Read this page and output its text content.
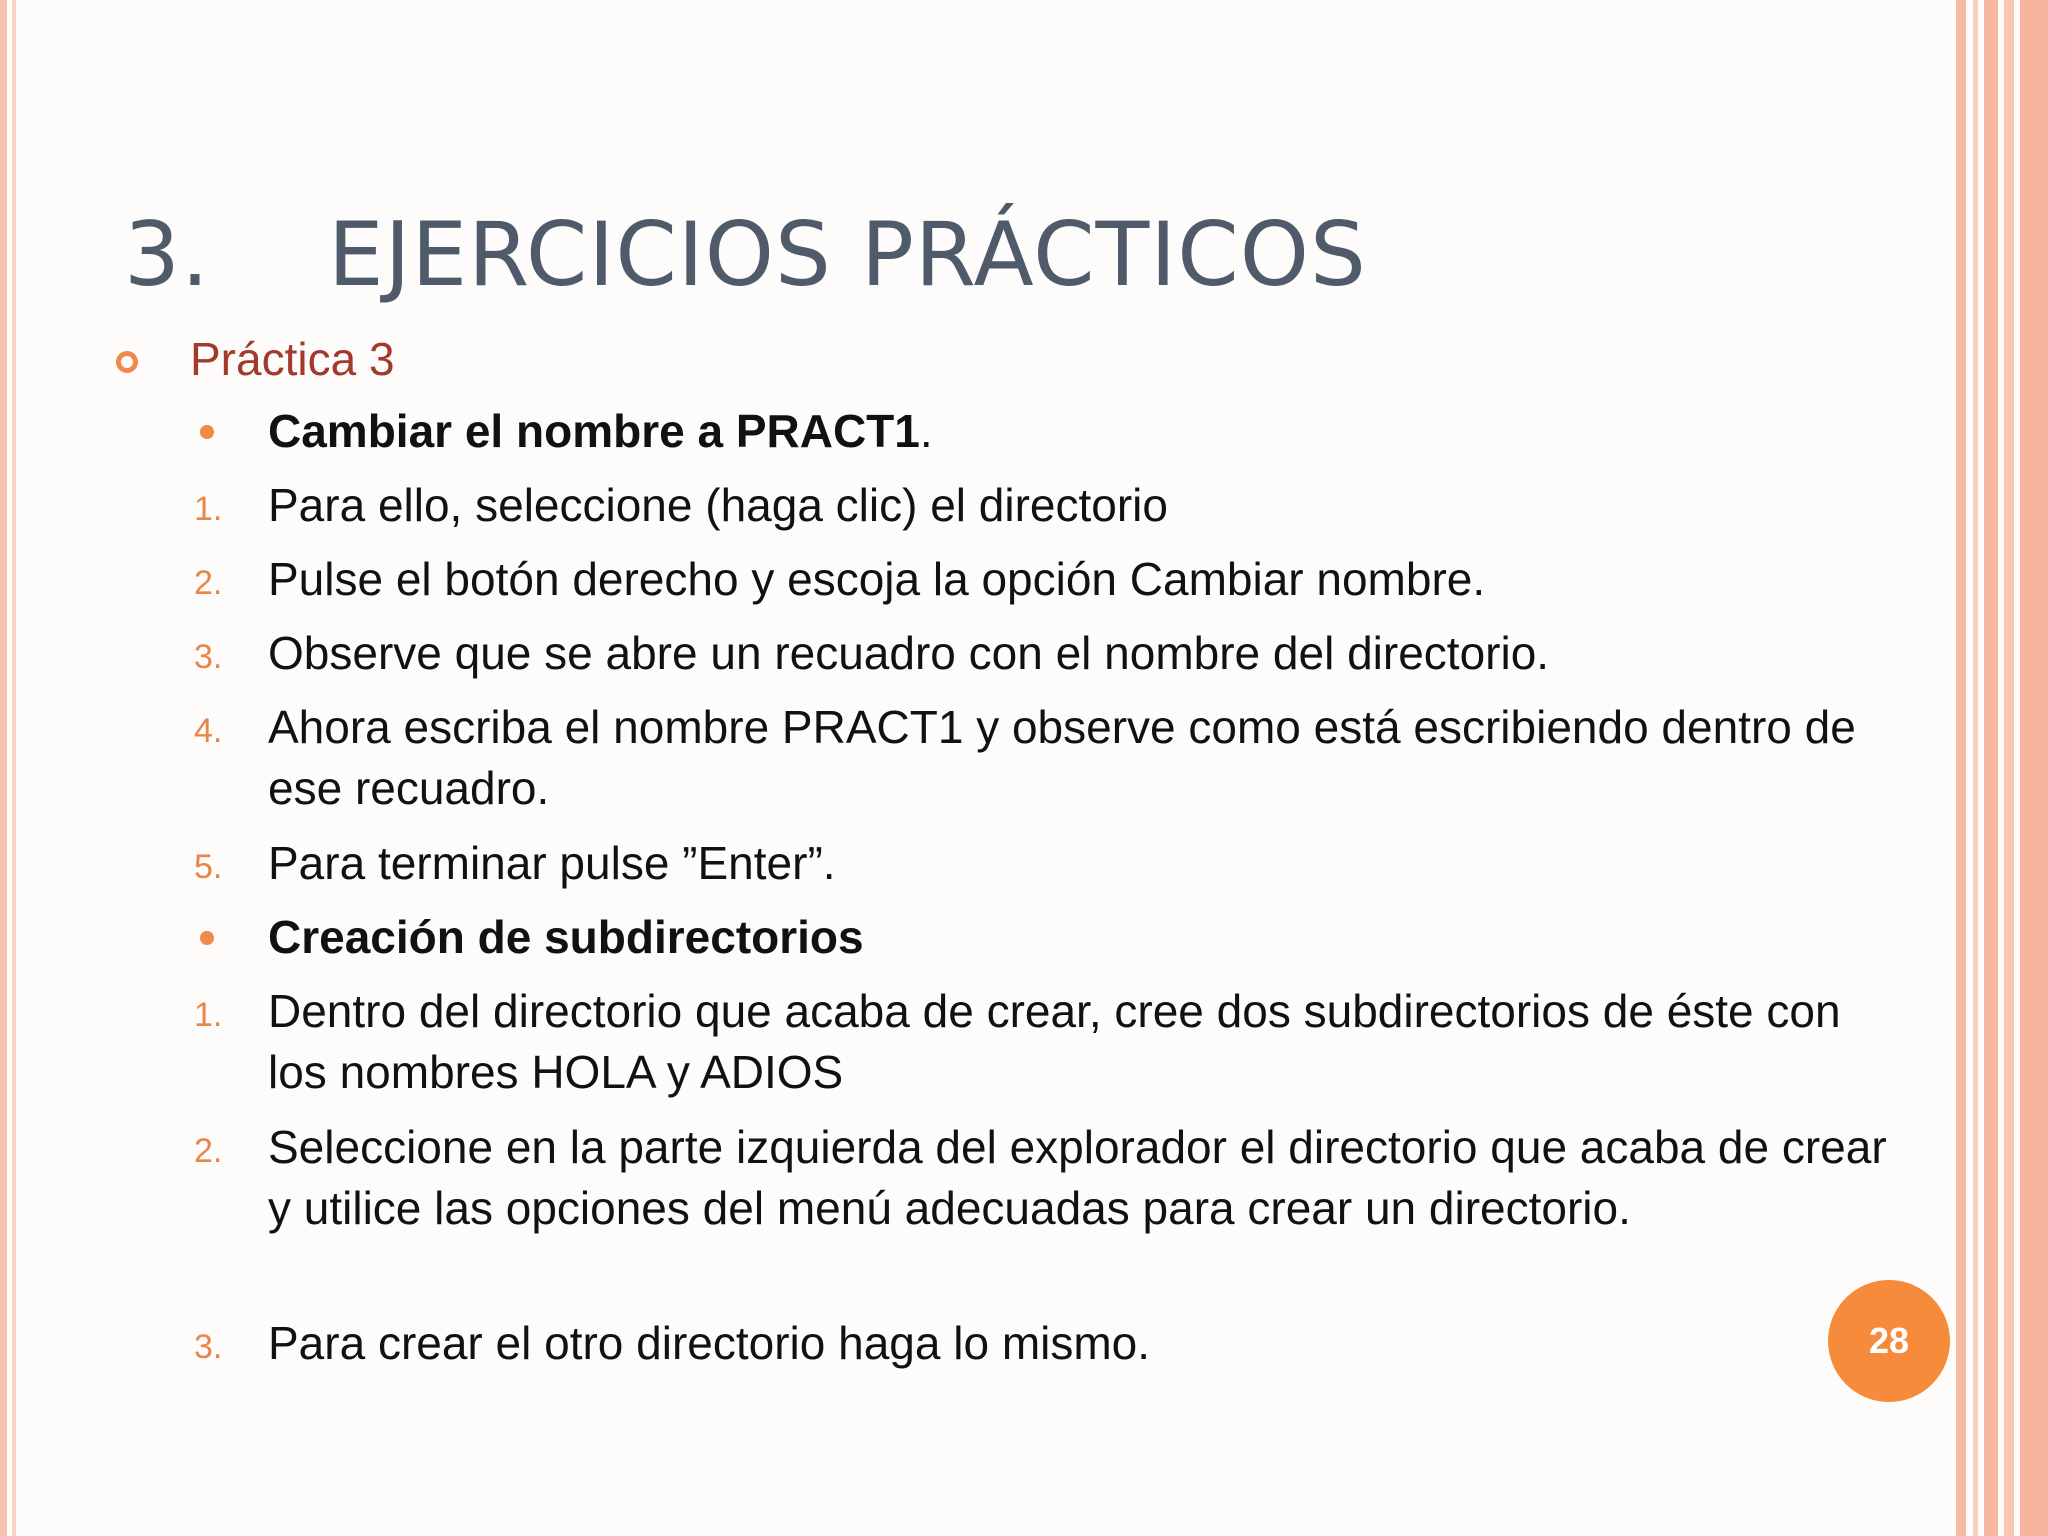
3. EJERCICIOS PRÁCTICOS
Práctica 3
Cambiar el nombre a PRACT1.
1. Para ello, seleccione (haga clic) el directorio
2. Pulse el botón derecho y escoja la opción Cambiar nombre.
3. Observe que se abre un recuadro con el nombre del directorio.
4. Ahora escriba el nombre PRACT1 y observe como está escribiendo dentro de ese recuadro.
5. Para terminar pulse ”Enter”.
Creación de subdirectorios
1. Dentro del directorio que acaba de crear, cree dos subdirectorios de éste con los nombres HOLA y ADIOS
2. Seleccione en la parte izquierda del explorador el directorio que acaba de crear y utilice las opciones del menú adecuadas para crear un directorio.
3. Para crear el otro directorio haga lo mismo.	28
